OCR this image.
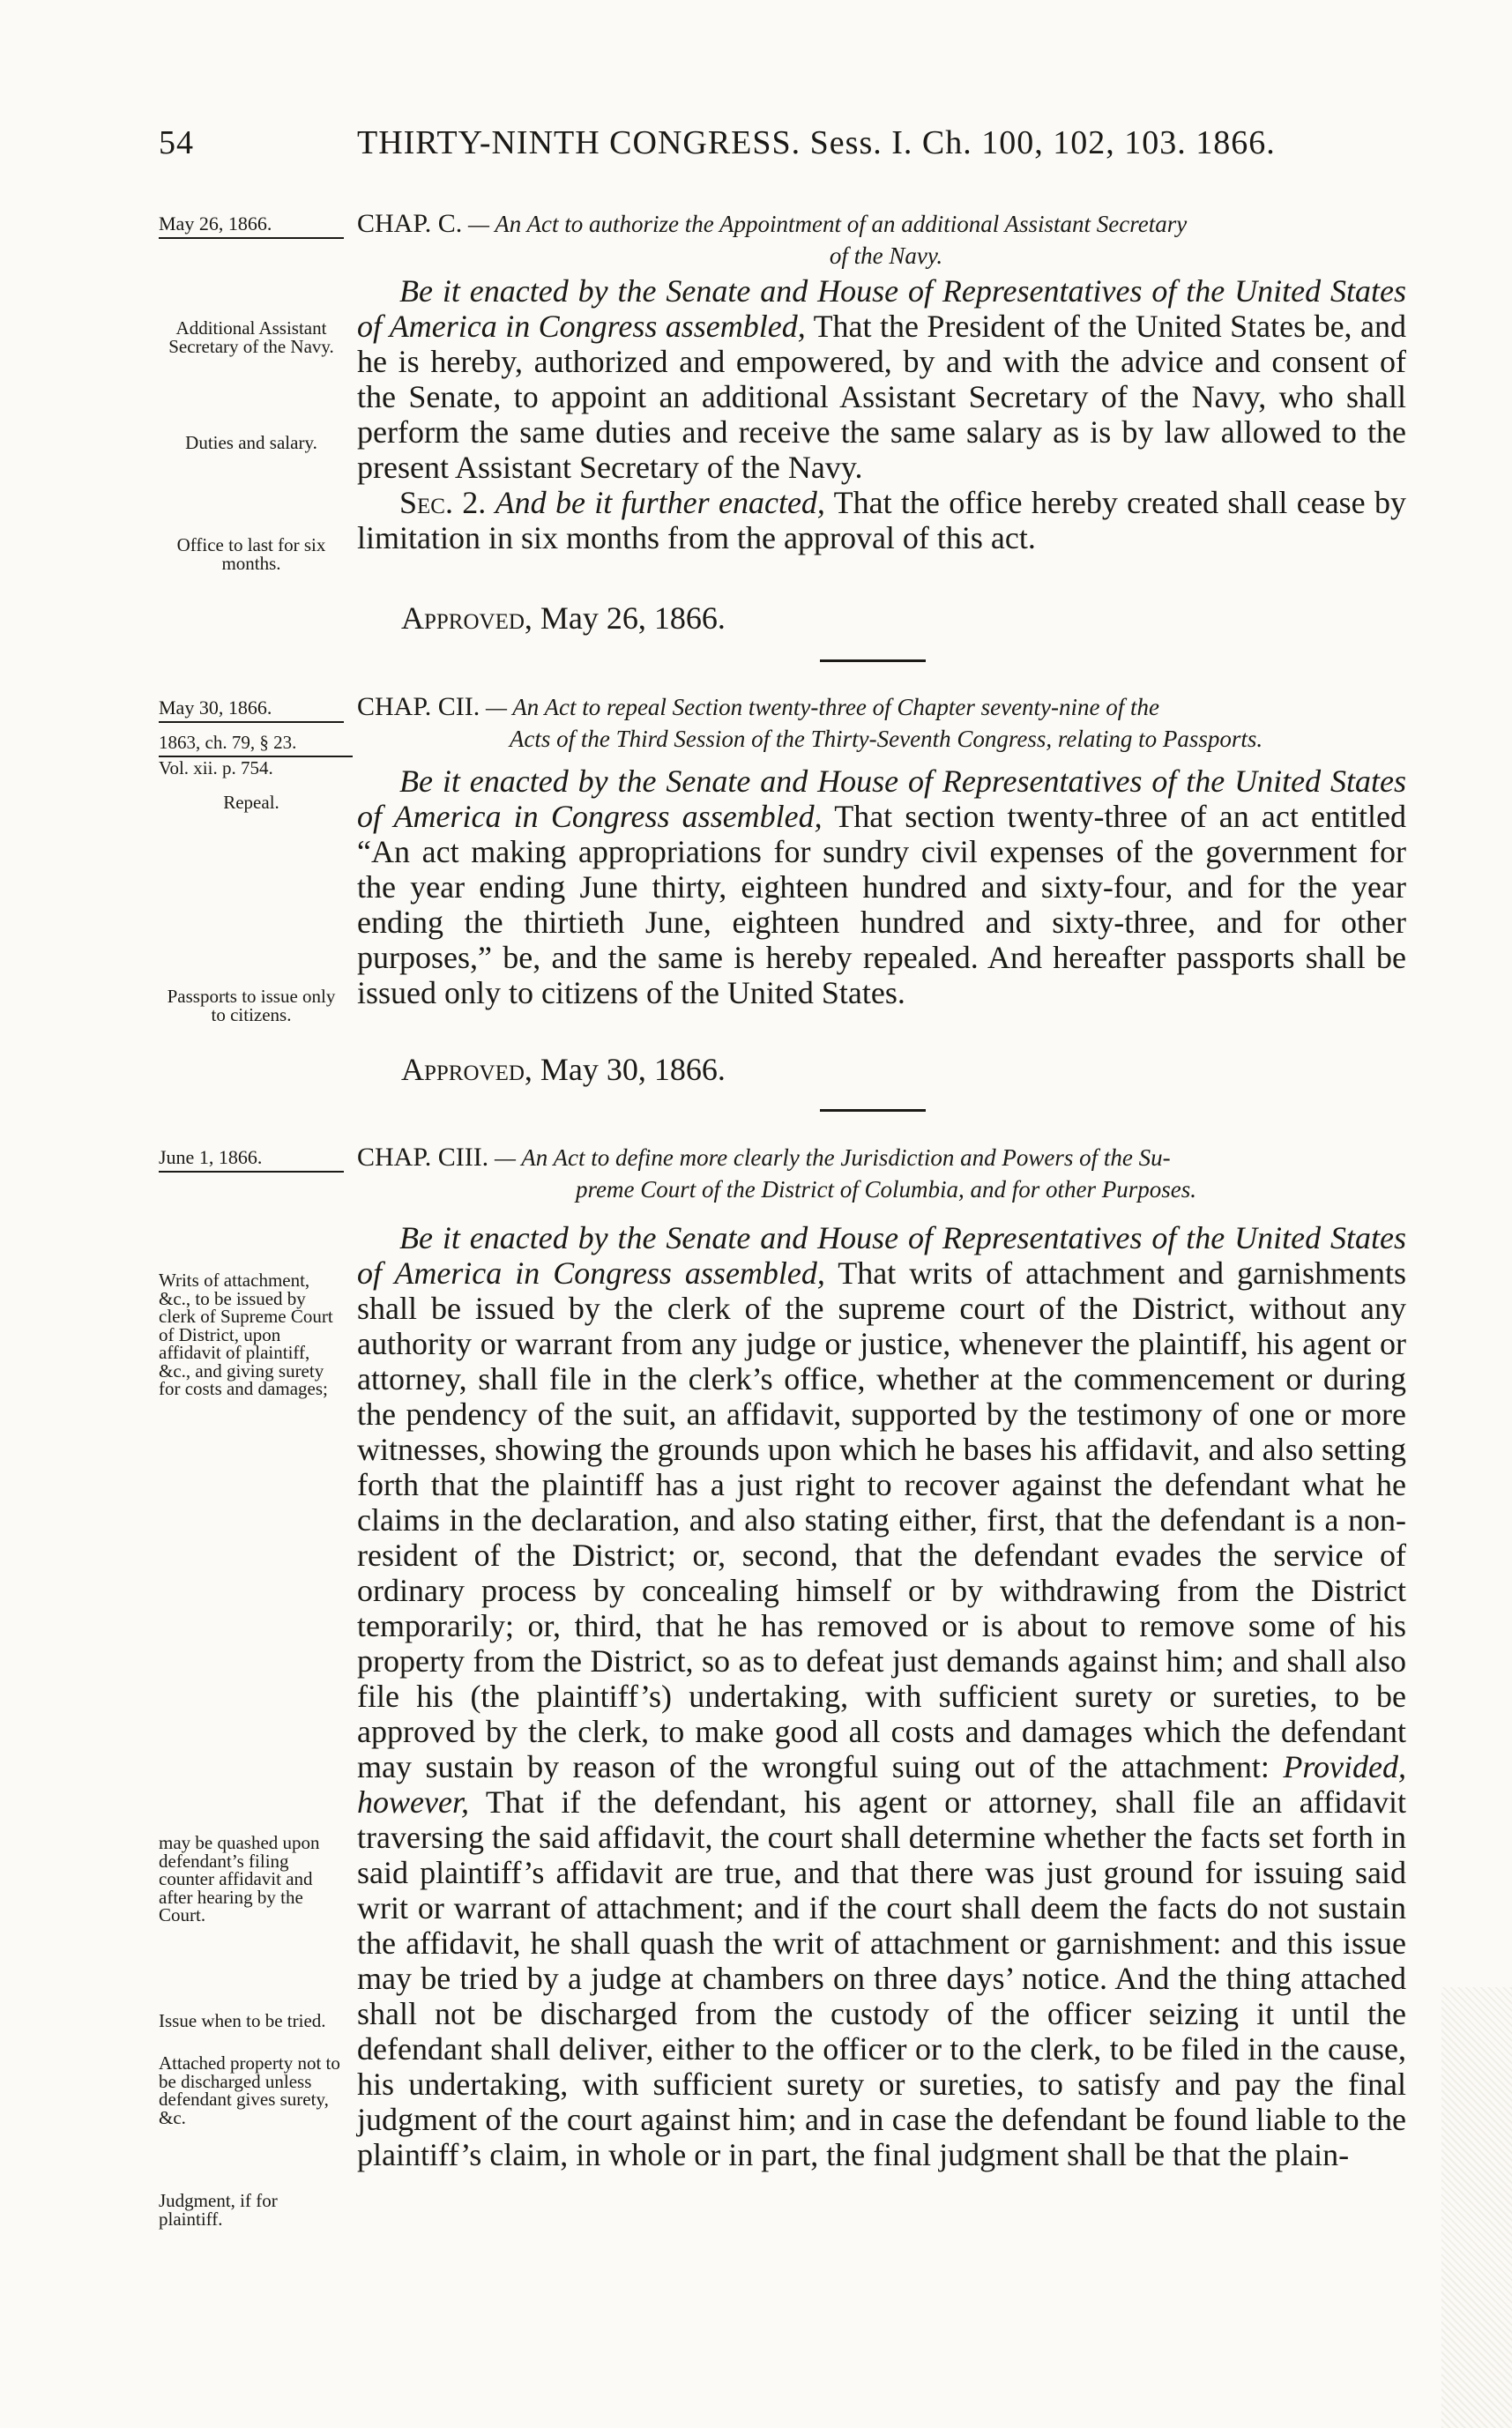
54	THIRTY-NINTH CONGRESS. Sess. I. Ch. 100, 102, 103. 1866.
May 26, 1866.	CHAP. C. — An Act to authorize the Appointment of an additional Assistant Secretary
of the Navy.
Additional Assistant Secretary of the Navy.
Duties and salary.
Office to last for six months.

Be it enacted by the Senate and House of Representatives of the United States of America in Congress assembled, That the President of the United States be, and he is hereby, authorized and empowered, by and with the advice and consent of the Senate, to appoint an additional Assistant Secretary of the Navy, who shall perform the same duties and receive the same salary as is by law allowed to the present Assistant Secretary of the Navy.

Sec. 2. And be it further enacted, That the office hereby created shall cease by limitation in six months from the approval of this act.

Approved, May 26, 1866.
May 30, 1866.
1863, ch. 79, § 23.
Vol. xii. p. 754.
CHAP. CII. — An Act to repeal Section twenty-three of Chapter seventy-nine of the
Acts of the Third Session of the Thirty-Seventh Congress, relating to Passports.
Repeal.
Passports to issue only to citizens.

Be it enacted by the Senate and House of Representatives of the United States of America in Congress assembled, That section twenty-three of an act entitled “An act making appropriations for sundry civil expenses of the government for the year ending June thirty, eighteen hundred and sixty-four, and for the year ending the thirtieth June, eighteen hundred and sixty-three, and for other purposes,” be, and the same is hereby repealed. And hereafter passports shall be issued only to citizens of the United States.

Approved, May 30, 1866.
June 1, 1866.	CHAP. CIII. — An Act to define more clearly the Jurisdiction and Powers of the Su-
preme Court of the District of Columbia, and for other Purposes.
Writs of attachment, &c., to be issued by clerk of Supreme Court of District, upon affidavit of plaintiff, &c., and giving surety for costs and damages;
may be quashed upon defendant’s filing counter affidavit and after hearing by the Court.
Issue when to be tried.
Attached property not to be discharged unless defendant gives surety, &c.
Judgment, if for plaintiff.

Be it enacted by the Senate and House of Representatives of the United States of America in Congress assembled, That writs of attachment and garnishments shall be issued by the clerk of the supreme court of the District, without any authority or warrant from any judge or justice, whenever the plaintiff, his agent or attorney, shall file in the clerk’s office, whether at the commencement or during the pendency of the suit, an affidavit, supported by the testimony of one or more witnesses, showing the grounds upon which he bases his affidavit, and also setting forth that the plaintiff has a just right to recover against the defendant what he claims in the declaration, and also stating either, first, that the defendant is a non-resident of the District; or, second, that the defendant evades the service of ordinary process by concealing himself or by withdrawing from the District temporarily; or, third, that he has removed or is about to remove some of his property from the District, so as to defeat just demands against him; and shall also file his (the plaintiff’s) undertaking, with sufficient surety or sureties, to be approved by the clerk, to make good all costs and damages which the defendant may sustain by reason of the wrongful suing out of the attachment: Provided, however, That if the defendant, his agent or attorney, shall file an affidavit traversing the said affidavit, the court shall determine whether the facts set forth in said plaintiff’s affidavit are true, and that there was just ground for issuing said writ or warrant of attachment; and if the court shall deem the facts do not sustain the affidavit, he shall quash the writ of attachment or garnishment: and this issue may be tried by a judge at chambers on three days’ notice. And the thing attached shall not be discharged from the custody of the officer seizing it until the defendant shall deliver, either to the officer or to the clerk, to be filed in the cause, his undertaking, with sufficient surety or sureties, to satisfy and pay the final judgment of the court against him; and in case the defendant be found liable to the plaintiff’s claim, in whole or in part, the final judgment shall be that the plain-
